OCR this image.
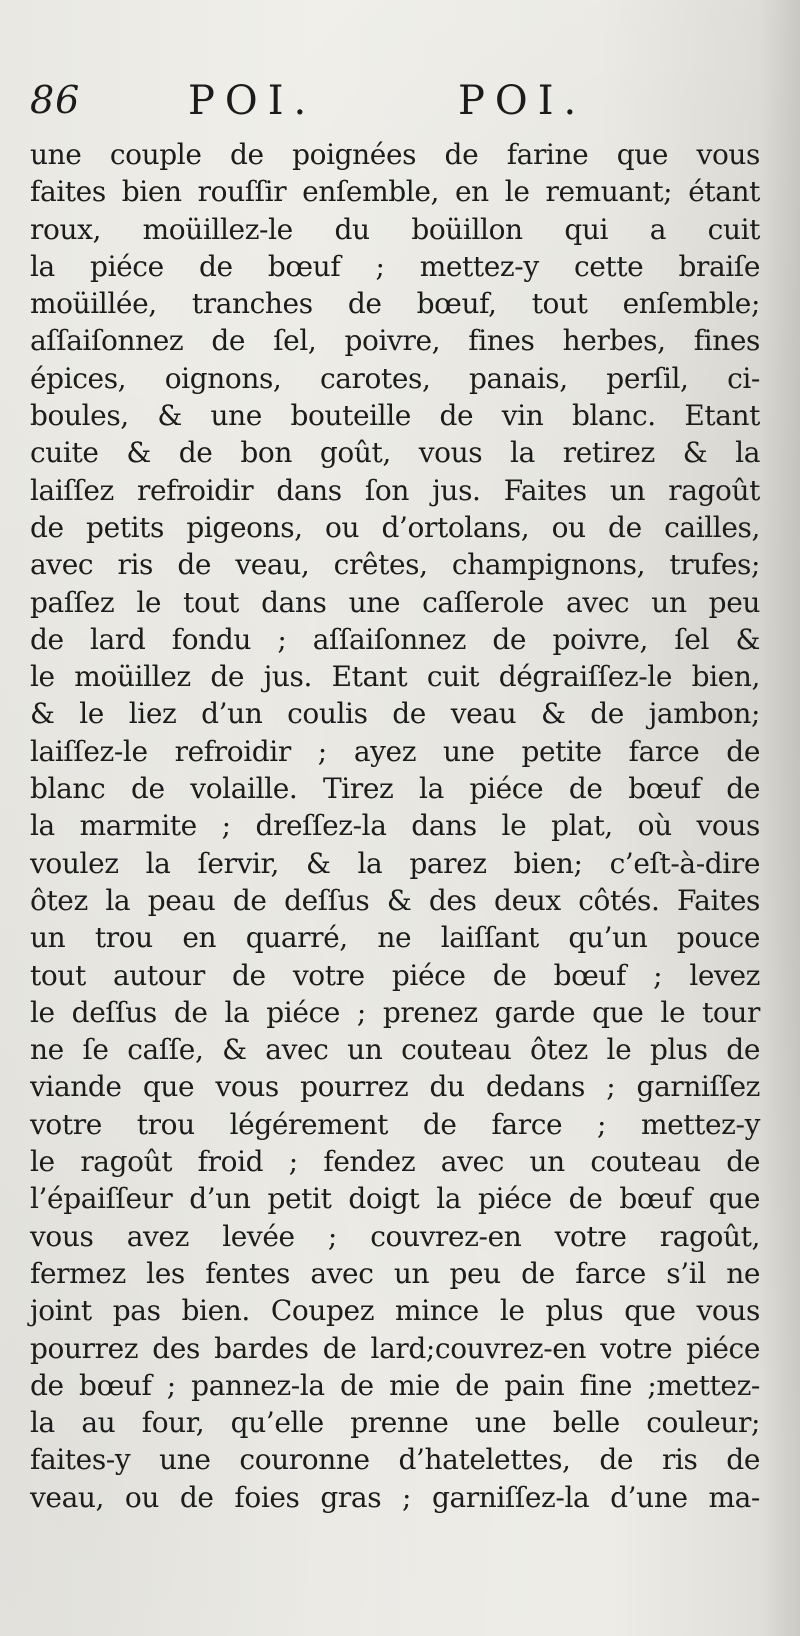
86	POI.	POI.
une couple de poignées de farine que vous
faites bien rouſſir enſemble, en le remuant; étant
roux, moüillez-le du boüillon qui a cuit
la piéce de bœuf ; mettez-y cette braiſe
moüillée, tranches de bœuf, tout enſemble;
aſſaiſonnez de ſel, poivre, fines herbes, fines
épices, oignons, carotes, panais, perſil, ci-
boules, & une bouteille de vin blanc. Etant
cuite & de bon goût, vous la retirez & la
laiſſez refroidir dans ſon jus. Faites un ragoût
de petits pigeons, ou d’ortolans, ou de cailles,
avec ris de veau, crêtes, champignons, trufes;
paſſez le tout dans une caſſerole avec un peu
de lard fondu ; aſſaiſonnez de poivre, ſel &
le moüillez de jus. Etant cuit dégraiſſez-le bien,
& le liez d’un coulis de veau & de jambon;
laiſſez-le refroidir ; ayez une petite farce de
blanc de volaille. Tirez la piéce de bœuf de
la marmite ; dreſſez-la dans le plat, où vous
voulez la ſervir, & la parez bien; c’eſt-à-dire
ôtez la peau de deſſus & des deux côtés. Faites
un trou en quarré, ne laiſſant qu’un pouce
tout autour de votre piéce de bœuf ; levez
le deſſus de la piéce ; prenez garde que le tour
ne ſe caſſe, & avec un couteau ôtez le plus de
viande que vous pourrez du dedans ; garniſſez
votre trou légérement de farce ; mettez-y
le ragoût froid ; fendez avec un couteau de
l’épaiſſeur d’un petit doigt la piéce de bœuf que
vous avez levée ; couvrez-en votre ragoût,
fermez les fentes avec un peu de farce s’il ne
joint pas bien. Coupez mince le plus que vous
pourrez des bardes de lard;couvrez-en votre piéce
de bœuf ; pannez-la de mie de pain fine ;mettez-
la au four, qu’elle prenne une belle couleur;
faites-y une couronne d’hatelettes, de ris de
veau, ou de foies gras ; garniſſez-la d’une ma-
